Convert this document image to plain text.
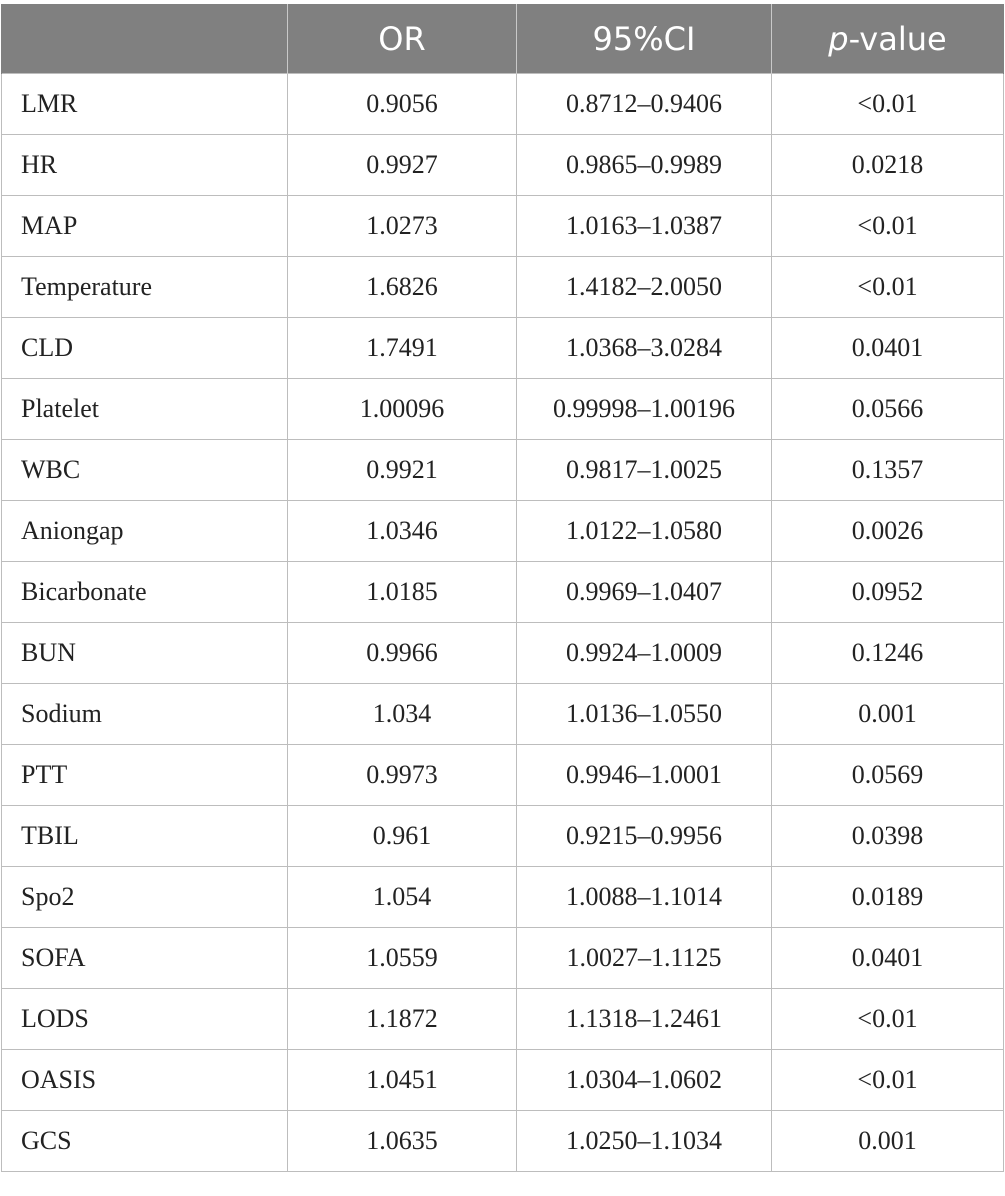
	OR	95%CI	p-value
LMR	0.9056	0.8712–0.9406	<0.01
HR	0.9927	0.9865–0.9989	0.0218
MAP	1.0273	1.0163–1.0387	<0.01
Temperature	1.6826	1.4182–2.0050	<0.01
CLD	1.7491	1.0368–3.0284	0.0401
Platelet	1.00096	0.99998–1.00196	0.0566
WBC	0.9921	0.9817–1.0025	0.1357
Aniongap	1.0346	1.0122–1.0580	0.0026
Bicarbonate	1.0185	0.9969–1.0407	0.0952
BUN	0.9966	0.9924–1.0009	0.1246
Sodium	1.034	1.0136–1.0550	0.001
PTT	0.9973	0.9946–1.0001	0.0569
TBIL	0.961	0.9215–0.9956	0.0398
Spo2	1.054	1.0088–1.1014	0.0189
SOFA	1.0559	1.0027–1.1125	0.0401
LODS	1.1872	1.1318–1.2461	<0.01
OASIS	1.0451	1.0304–1.0602	<0.01
GCS	1.0635	1.0250–1.1034	0.001
